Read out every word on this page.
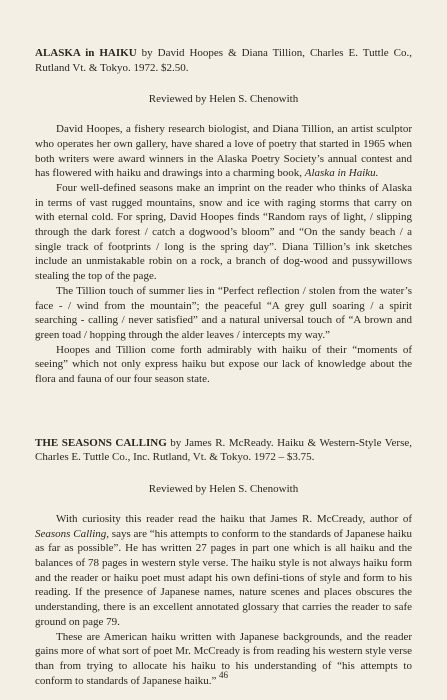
ALASKA in HAIKU by David Hoopes & Diana Tillion, Charles E. Tuttle Co., Rutland Vt. & Tokyo. 1972. $2.50.

Reviewed by Helen S. Chenowith

David Hoopes, a fishery research biologist, and Diana Tillion, an artist sculptor who operates her own gallery, have shared a love of poetry that started in 1965 when both writers were award winners in the Alaska Poetry Society’s annual contest and has flowered with haiku and drawings into a charming book, Alaska in Haiku.

Four well-defined seasons make an imprint on the reader who thinks of Alaska in terms of vast rugged mountains, snow and ice with raging storms that carry on with eternal cold. For spring, David Hoopes finds “Random rays of light, / slipping through the dark forest / catch a dogwood’s bloom” and “On the sandy beach / a single track of footprints / long is the spring day”. Diana Tillion’s ink sketches include an unmistakable robin on a rock, a branch of dog-wood and pussywillows stealing the top of the page.

The Tillion touch of summer lies in “Perfect reflection / stolen from the water’s face - / wind from the mountain”; the peaceful “A grey gull soaring / a spirit searching - calling / never satisfied” and a natural universal touch of “A brown and green toad / hopping through the alder leaves / intercepts my way.”

Hoopes and Tillion come forth admirably with haiku of their “moments of seeing” which not only express haiku but expose our lack of knowledge about the flora and fauna of our four season state.

THE SEASONS CALLING by James R. McReady. Haiku & Western-Style Verse, Charles E. Tuttle Co., Inc. Rutland, Vt. & Tokyo. 1972 – $3.75.

Reviewed by Helen S. Chenowith

With curiosity this reader read the haiku that James R. McCready, author of Seasons Calling, says are “his attempts to conform to the standards of Japanese haiku as far as possible”. He has written 27 pages in part one which is all haiku and the balances of 78 pages in western style verse. The haiku style is not always haiku form and the reader or haiku poet must adapt his own defini-tions of style and form to his reading. If the presence of Japanese names, nature scenes and places obscures the understanding, there is an excellent annotated glossary that carries the reader to safe ground on page 79.

These are American haiku written with Japanese backgrounds, and the reader gains more of what sort of poet Mr. McCready is from reading his western style verse than from trying to allocate his haiku to his understanding of “his attempts to conform to standards of Japanese haiku.” 46
